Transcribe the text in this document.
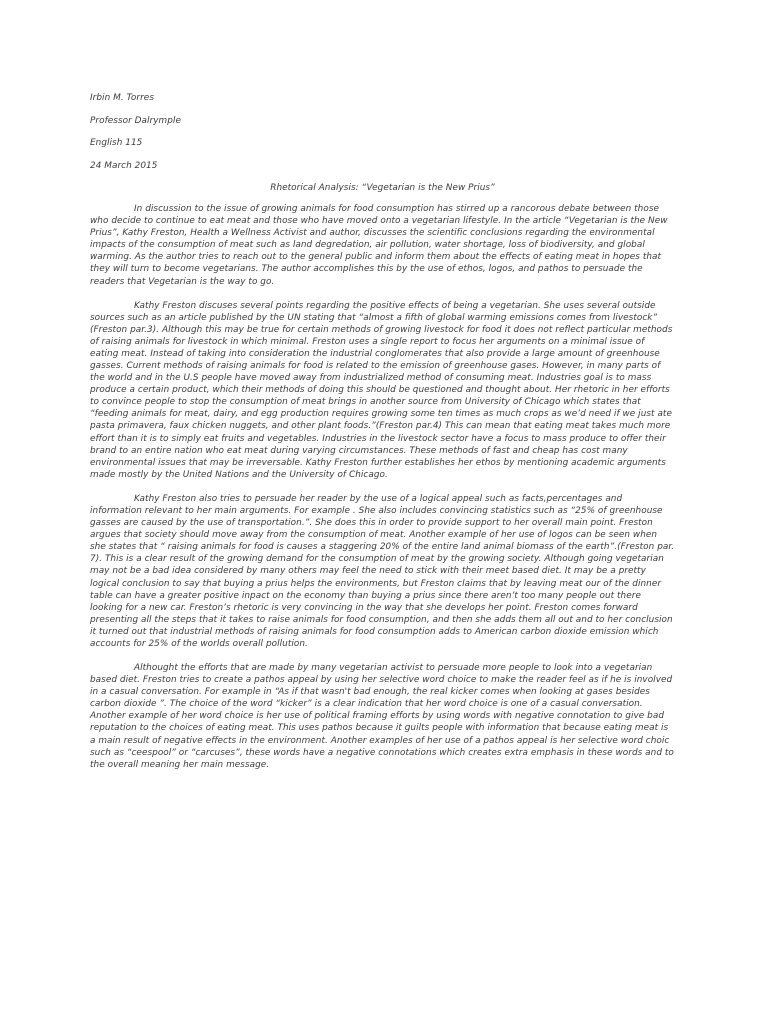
Irbin M. Torres
Professor Dalrymple
English 115
24 March 2015
Rhetorical Analysis: “Vegetarian is the New Prius”

In discussion to the issue of growing animals for food consumption has stirred up a rancorous debate between those who decide to continue to eat meat and those who have moved onto a vegetarian lifestyle. In the article “Vegetarian is the New Prius”, Kathy Freston, Health a Wellness Activist and author, discusses the scientific conclusions regarding the environmental impacts of the consumption of meat such as land degredation, air pollution, water shortage, loss of biodiversity, and global warming. As the author tries to reach out to the general public and inform them about the effects of eating meat in hopes that they will turn to become vegetarians. The author accomplishes this by the use of ethos, logos, and pathos to persuade the readers that Vegetarian is the way to go.

Kathy Freston discuses several points regarding the positive effects of being a vegetarian. She uses several outside sources such as an article published by the UN stating that “almost a fifth of global warming emissions comes from livestock” (Freston par.3). Although this may be true for certain methods of growing livestock for food it does not reflect particular methods of raising animals for livestock in which minimal. Freston uses a single report to focus her arguments on a minimal issue of eating meat. Instead of taking into consideration the industrial conglomerates that also provide a large amount of greenhouse gasses. Current methods of raising animals for food is related to the emission of greenhouse gases. However, in many parts of the world and in the U.S people have moved away from industrialized method of consuming meat. Industries goal is to mass produce a certain product, which their methods of doing this should be questioned and thought about. Her rhetoric in her efforts to convince people to stop the consumption of meat brings in another source from University of Chicago which states that “feeding animals for meat, dairy, and egg production requires growing some ten times as much crops as we’d need if we just ate pasta primavera, faux chicken nuggets, and other plant foods.”(Freston par.4) This can mean that eating meat takes much more effort than it is to simply eat fruits and vegetables. Industries in the livestock sector have a focus to mass produce to offer their brand to an entire nation who eat meat during varying circumstances. These methods of fast and cheap has cost many environmental issues that may be irreversable. Kathy Freston further establishes her ethos by mentioning academic arguments made mostly by the United Nations and the University of Chicago.

Kathy Freston also tries to persuade her reader by the use of a logical appeal such as facts,percentages and information relevant to her main arguments. For example . She also includes convincing statistics such as “25% of greenhouse gasses are caused by the use of transportation.”. She does this in order to provide support to her overall main point. Freston argues that society should move away from the consumption of meat. Another example of her use of logos can be seen when she states that “ raising animals for food is causes a staggering 20% of the entire land animal biomass of the earth”.(Freston par. 7). This is a clear result of the growing demand for the consumption of meat by the growing society. Although going vegetarian may not be a bad idea considered by many others may feel the need to stick with their meet based diet. It may be a pretty logical conclusion to say that buying a prius helps the environments, but Freston claims that by leaving meat our of the dinner table can have a greater positive inpact on the economy than buying a prius since there aren’t too many people out there looking for a new car. Freston’s rhetoric is very convincing in the way that she develops her point. Freston comes forward presenting all the steps that it takes to raise animals for food consumption, and then she adds them all out and to her conclusion it turned out that industrial methods of raising animals for food consumption adds to American carbon dioxide emission which accounts for 25% of the worlds overall pollution.

Althought the efforts that are made by many vegetarian activist to persuade more people to look into a vegetarian based diet. Freston tries to create a pathos appeal by using her selective word choice to make the reader feel as if he is involved in a casual conversation. For example in “As if that wasn't bad enough, the real kicker comes when looking at gases besides carbon dioxide ”. The choice of the word “kicker” is a clear indication that her word choice is one of a casual conversation. Another example of her word choice is her use of political framing efforts by using words with negative connotation to give bad reputation to the choices of eating meat. This uses pathos because it guilts people with information that because eating meat is a main result of negative effects in the environment. Another examples of her use of a pathos appeal is her selective word choic such as “ceespool” or “carcuses”, these words have a negative connotations which creates extra emphasis in these words and to the overall meaning her main message.
